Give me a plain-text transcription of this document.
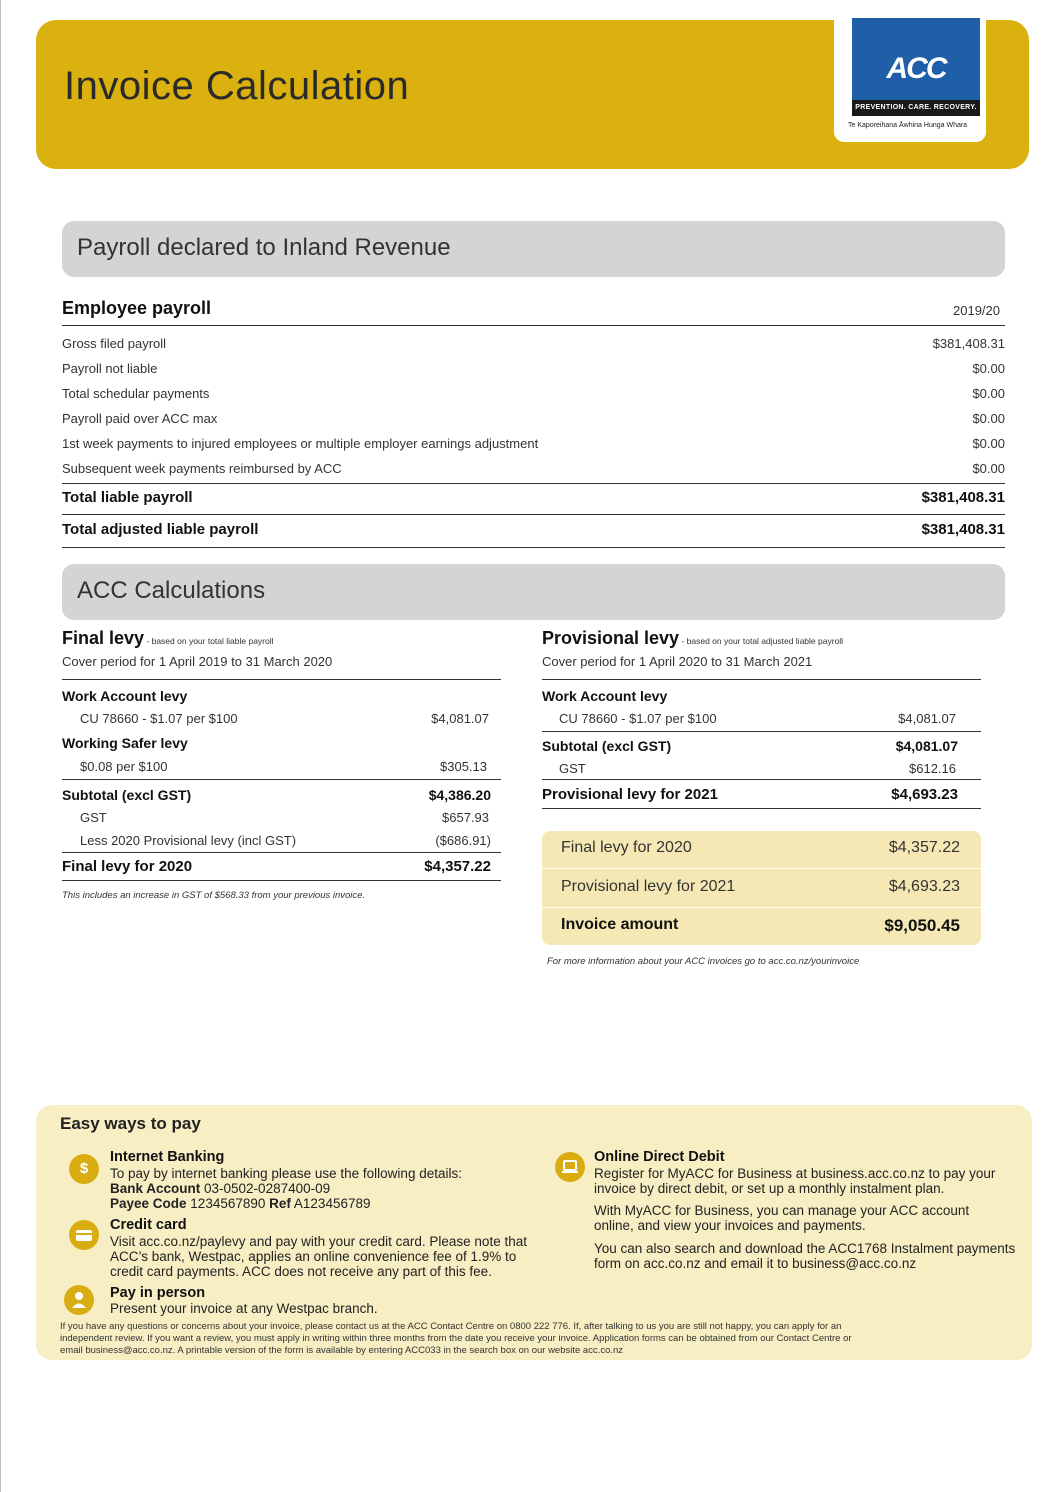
Invoice Calculation	ACC
PREVENTION. CARE. RECOVERY.
Te Kaporeihana Āwhina Hunga Whara
Payroll declared to Inland Revenue
Employee payroll	2019/20
Gross filed payroll	$381,408.31
Payroll not liable	$0.00
Total schedular payments	$0.00
Payroll paid over ACC max	$0.00
1st week payments to injured employees or multiple employer earnings adjustment	$0.00
Subsequent week payments reimbursed by ACC	$0.00
Total liable payroll	$381,408.31
Total adjusted liable payroll	$381,408.31
ACC Calculations
Final levy - based on your total liable payroll
Cover period for 1 April 2019 to 31 March 2020
Work Account levy
CU 78660 - $1.07 per $100	$4,081.07
Working Safer levy
$0.08 per $100	$305.13
Subtotal (excl GST)	$4,386.20
GST	$657.93
Less 2020 Provisional levy (incl GST)	($686.91)
Final levy for 2020	$4,357.22
This includes an increase in GST of $568.33 from your previous invoice.
Provisional levy - based on your total adjusted liable payroll
Cover period for 1 April 2020 to 31 March 2021
Work Account levy
CU 78660 - $1.07 per $100	$4,081.07
Subtotal (excl GST)	$4,081.07
GST	$612.16
Provisional levy for 2021	$4,693.23
Final levy for 2020	$4,357.22
Provisional levy for 2021	$4,693.23
Invoice amount	$9,050.45
For more information about your ACC invoices go to acc.co.nz/yourinvoice
Easy ways to pay
$
Internet Banking
To pay by internet banking please use the following details:
Bank Account 03-0502-0287400-09
Payee Code 1234567890 Ref A123456789
Credit card
Visit acc.co.nz/paylevy and pay with your credit card. Please note that
ACC’s bank, Westpac, applies an online convenience fee of 1.9% to
credit card payments. ACC does not receive any part of this fee.
Pay in person
Present your invoice at any Westpac branch.
Online Direct Debit
Register for MyACC for Business at business.acc.co.nz to pay your
invoice by direct debit, or set up a monthly instalment plan.
With MyACC for Business, you can manage your ACC account
online, and view your invoices and payments.
You can also search and download the ACC1768 Instalment payments
form on acc.co.nz and email it to business@acc.co.nz
If you have any questions or concerns about your invoice, please contact us at the ACC Contact Centre on 0800 222 776. If, after talking to us you are still not happy, you can apply for an
independent review. If you want a review, you must apply in writing within three months from the date you receive your invoice. Application forms can be obtained from our Contact Centre or
email business@acc.co.nz. A printable version of the form is available by entering ACC033 in the search box on our website acc.co.nz
